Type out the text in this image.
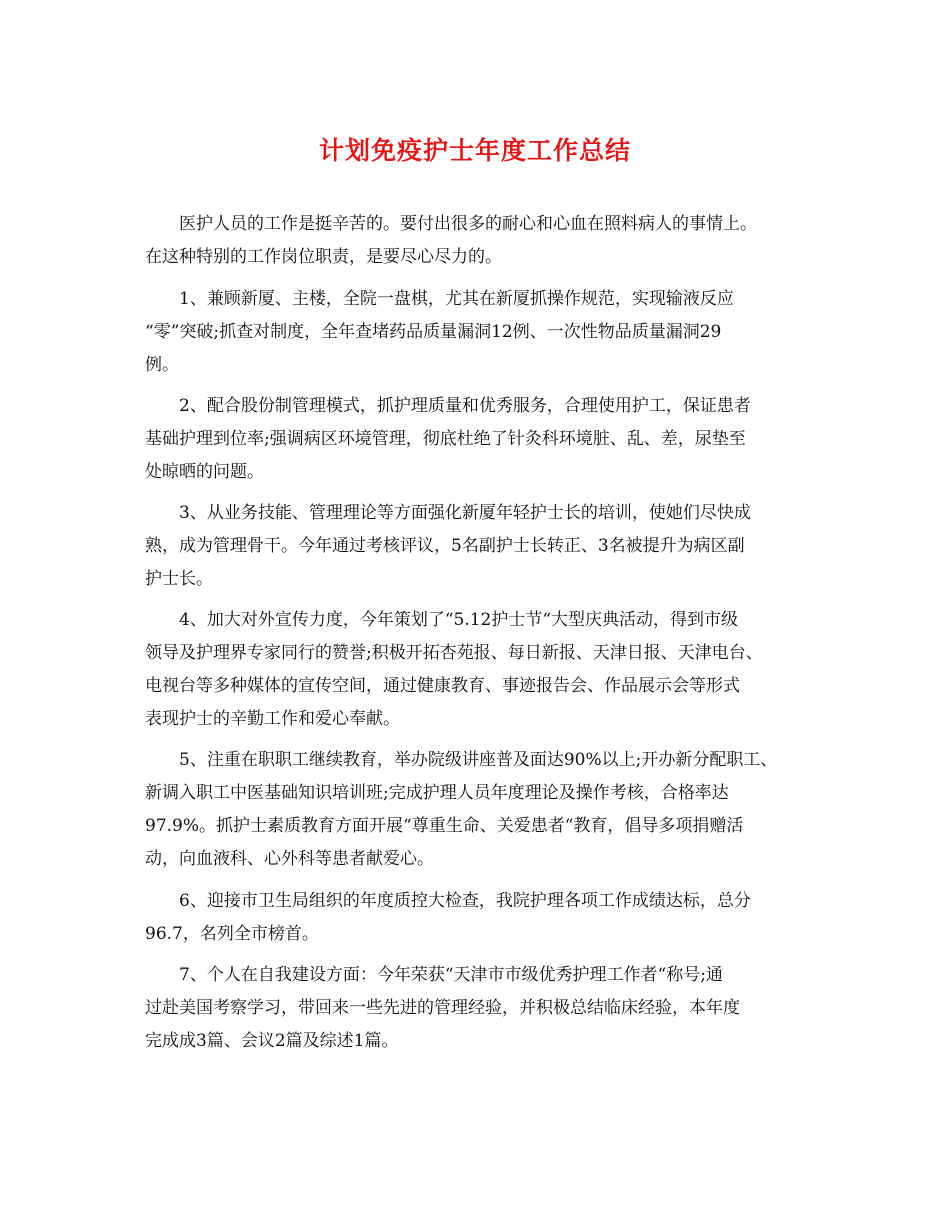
计划免疫护士年度工作总结
医护人员的工作是挺辛苦的。要付出很多的耐心和心血在照料病人的事情上。
在这种特别的工作岗位职责，是要尽心尽力的。
1、兼顾新厦、主楼，全院一盘棋，尤其在新厦抓操作规范，实现输液反应
“零”突破;抓查对制度，全年查堵药品质量漏洞12例、一次性物品质量漏洞29
例。
2、配合股份制管理模式，抓护理质量和优秀服务，合理使用护工，保证患者
基础护理到位率;强调病区环境管理，彻底杜绝了针灸科环境脏、乱、差，尿垫至
处晾晒的问题。
3、从业务技能、管理理论等方面强化新厦年轻护士长的培训，使她们尽快成
熟，成为管理骨干。今年通过考核评议，5名副护士长转正、3名被提升为病区副
护士长。
4、加大对外宣传力度，今年策划了“5.12护士节“大型庆典活动，得到市级
领导及护理界专家同行的赞誉;积极开拓杏苑报、每日新报、天津日报、天津电台、
电视台等多种媒体的宣传空间，通过健康教育、事迹报告会、作品展示会等形式
表现护士的辛勤工作和爱心奉献。
5、注重在职职工继续教育，举办院级讲座普及面达90%以上;开办新分配职工、
新调入职工中医基础知识培训班;完成护理人员年度理论及操作考核，合格率达
97.9%。抓护士素质教育方面开展“尊重生命、关爱患者“教育，倡导多项捐赠活
动，向血液科、心外科等患者献爱心。
6、迎接市卫生局组织的年度质控大检查，我院护理各项工作成绩达标，总分
96.7，名列全市榜首。
7、个人在自我建设方面：今年荣获“天津市市级优秀护理工作者“称号;通
过赴美国考察学习，带回来一些先进的管理经验，并积极总结临床经验，本年度
完成成3篇、会议2篇及综述1篇。
